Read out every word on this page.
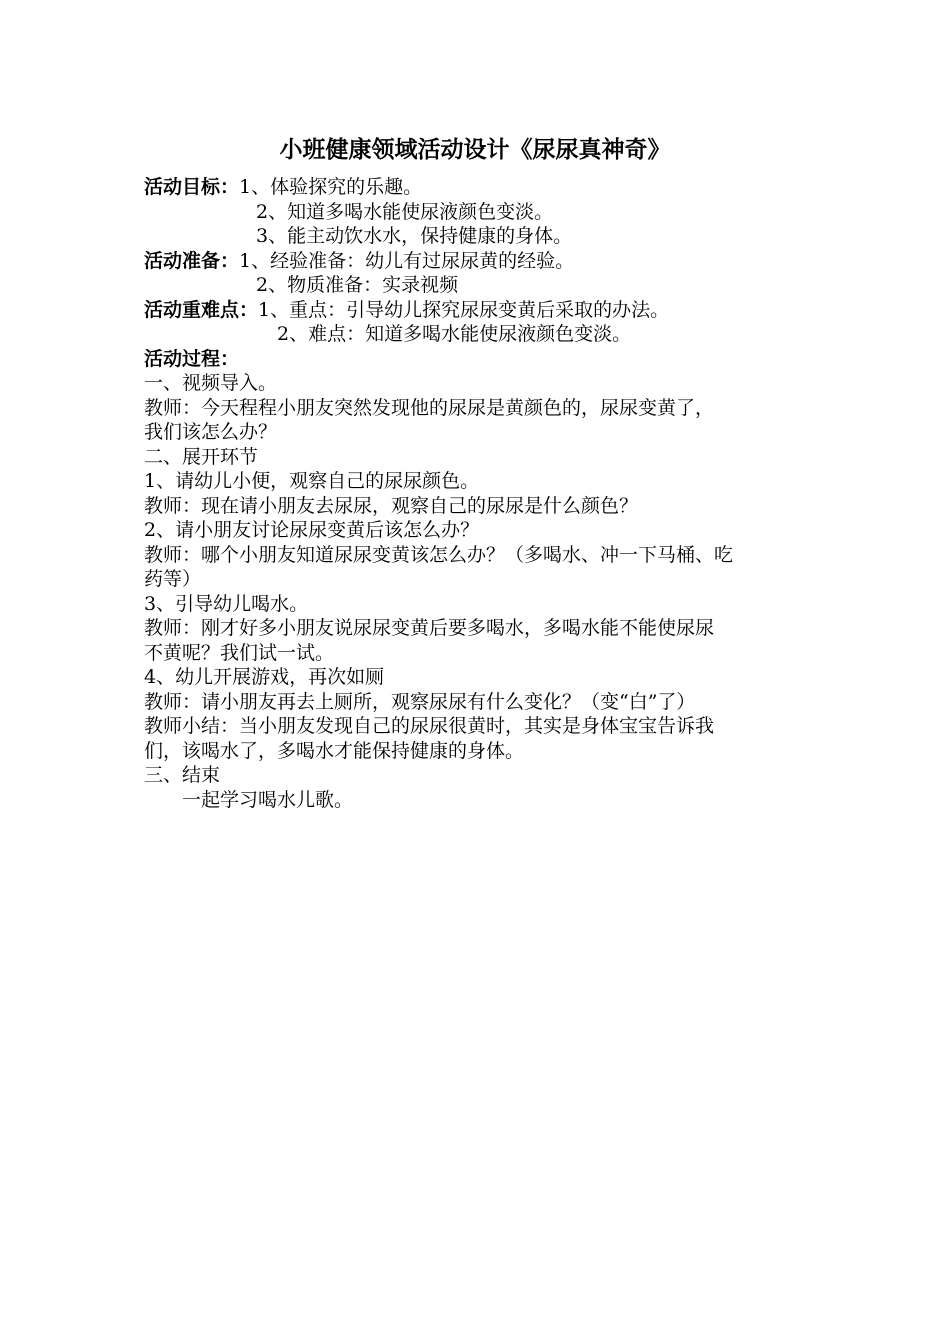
小班健康领域活动设计《尿尿真神奇》
活动目标：1、体验探究的乐趣。
2、知道多喝水能使尿液颜色变淡。
3、能主动饮水水，保持健康的身体。
活动准备：1、经验准备：幼儿有过尿尿黄的经验。
2、物质准备：实录视频
活动重难点：1、重点：引导幼儿探究尿尿变黄后采取的办法。
2、难点：知道多喝水能使尿液颜色变淡。
活动过程：
一、视频导入。
教师：今天程程小朋友突然发现他的尿尿是黄颜色的，尿尿变黄了，
我们该怎么办？
二、展开环节
1、请幼儿小便，观察自己的尿尿颜色。
教师：现在请小朋友去尿尿，观察自己的尿尿是什么颜色？
2、请小朋友讨论尿尿变黄后该怎么办？
教师：哪个小朋友知道尿尿变黄该怎么办？（多喝水、冲一下马桶、吃
药等）
3、引导幼儿喝水。
教师：刚才好多小朋友说尿尿变黄后要多喝水，多喝水能不能使尿尿
不黄呢？我们试一试。
4、幼儿开展游戏，再次如厕
教师：请小朋友再去上厕所，观察尿尿有什么变化？（变“白”了）
教师小结：当小朋友发现自己的尿尿很黄时，其实是身体宝宝告诉我
们，该喝水了，多喝水才能保持健康的身体。
三、结束
一起学习喝水儿歌。
